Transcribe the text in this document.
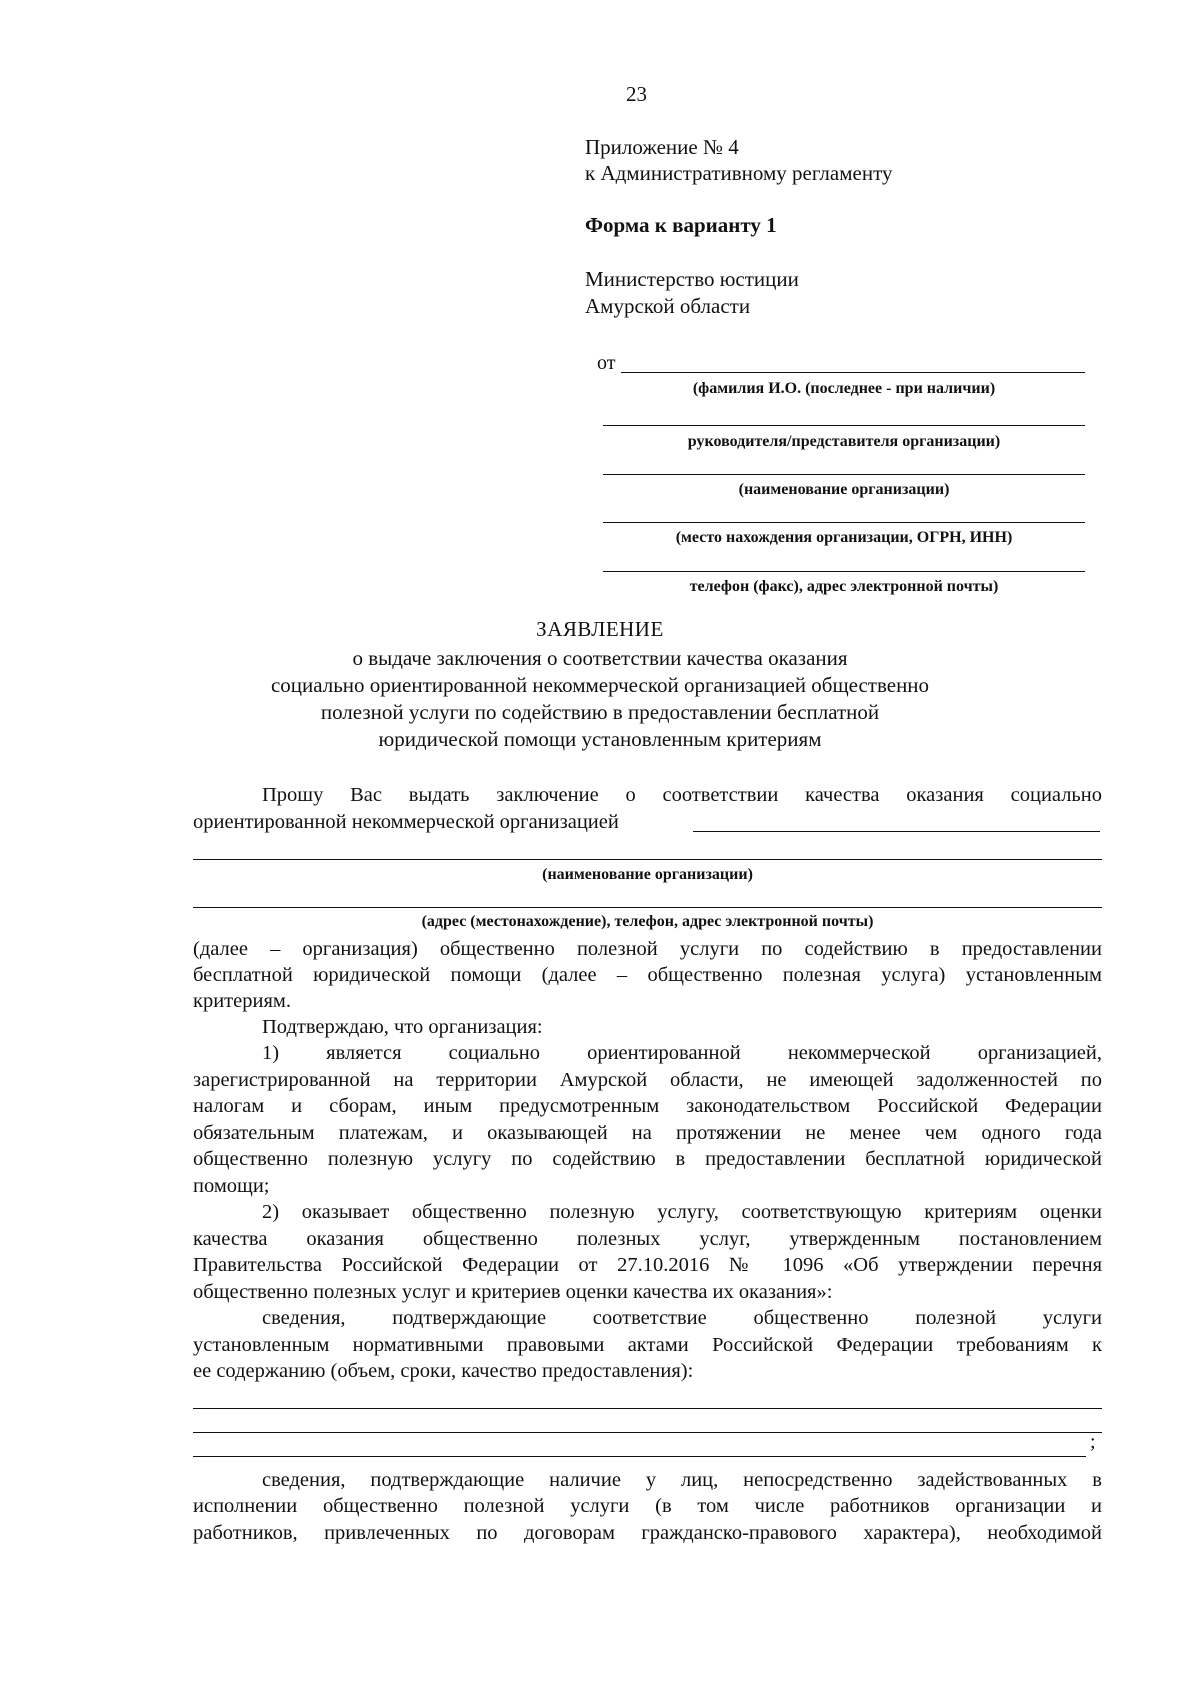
23
Приложение № 4
к Административному регламенту
Форма к варианту 1
Министерство юстиции
Амурской области
от
(фамилия И.О. (последнее - при наличии)
руководителя/представителя организации)
(наименование организации)
(место нахождения организации, ОГРН, ИНН)
телефон (факс), адрес электронной почты)
ЗАЯВЛЕНИЕ
о выдаче заключения о соответствии качества оказания
социально ориентированной некоммерческой организацией общественно
полезной услуги по содействию в предоставлении бесплатной
юридической помощи установленным критериям
Прошу Вас выдать заключение о соответствии качества оказания социально
ориентированной некоммерческой организацией
(наименование организации)
(адрес (местонахождение), телефон, адрес электронной почты)
(далее – организация) общественно полезной услуги по содействию в предоставлении
бесплатной юридической помощи (далее – общественно полезная услуга) установленным
критериям.
Подтверждаю, что организация:
1) является социально ориентированной некоммерческой организацией,
зарегистрированной на территории Амурской области, не имеющей задолженностей по
налогам и сборам, иным предусмотренным законодательством Российской Федерации
обязательным платежам, и оказывающей на протяжении не менее чем одного года
общественно полезную услугу по содействию в предоставлении бесплатной юридической
помощи;
2) оказывает общественно полезную услугу, соответствующую критериям оценки
качества оказания общественно полезных услуг, утвержденным постановлением
Правительства Российской Федерации от 27.10.2016 № 1096 «Об утверждении перечня
общественно полезных услуг и критериев оценки качества их оказания»:
сведения, подтверждающие соответствие общественно полезной услуги
установленным нормативными правовыми актами Российской Федерации требованиям к
ее содержанию (объем, сроки, качество предоставления):
;
сведения, подтверждающие наличие у лиц, непосредственно задействованных в
исполнении общественно полезной услуги (в том числе работников организации и
работников, привлеченных по договорам гражданско-правового характера), необходимой
